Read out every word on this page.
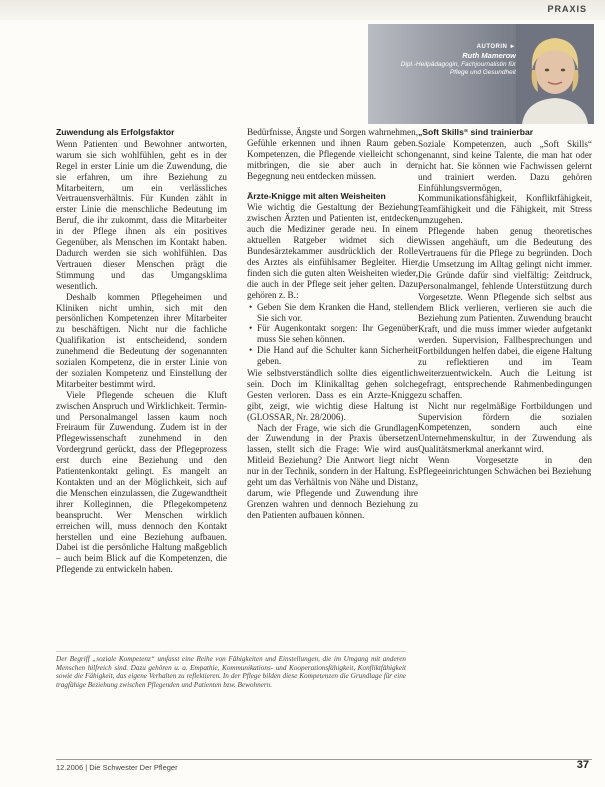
PRAXIS
AUTORIN ►
Ruth Mamerow
Dipl.-Heilpädagogin, Fachjournalistin für Pflege und Gesundheit
Zuwendung als Erfolgsfaktor

Wenn Patienten und Bewohner antworten, warum sie sich wohlfühlen, geht es in der Regel in erster Linie um die Zuwendung, die sie erfahren, um ihre Beziehung zu Mitarbeitern, um ein verlässliches Vertrauensverhältnis. Für Kunden zählt in erster Linie die menschliche Bedeutung im Beruf, die ihr zukommt, dass die Mitarbeiter in der Pflege ihnen als ein positives Gegenüber, als Menschen im Kontakt haben. Dadurch werden sie sich wohlfühlen. Das Vertrauen dieser Menschen prägt die Stimmung und das Umgangsklima wesentlich.

Deshalb kommen Pflegeheimen und Kliniken nicht umhin, sich mit den persönlichen Kompetenzen ihrer Mitarbeiter zu beschäftigen. Nicht nur die fachliche Qualifikation ist entscheidend, sondern zunehmend die Bedeutung der sogenannten sozialen Kompetenz, die in erster Linie von der sozialen Kompetenz und Einstellung der Mitarbeiter bestimmt wird.

Viele Pflegende scheuen die Kluft zwischen Anspruch und Wirklichkeit. Termin- und Personalmangel lassen kaum noch Freiraum für Zuwendung. Zudem ist in der Pflegewissenschaft zunehmend in den Vordergrund gerückt, dass der Pflegeprozess erst durch eine Beziehung und den Patientenkontakt gelingt. Es mangelt an Kontakten und an der Möglichkeit, sich auf die Menschen einzulassen, die Zugewandtheit ihrer Kolleginnen, die Pflegekompetenz beansprucht. Wer Menschen wirklich erreichen will, muss dennoch den Kontakt herstellen und eine Beziehung aufbauen. Dabei ist die persönliche Haltung maßgeblich – auch beim Blick auf die Kompetenzen, die Pflegende zu entwickeln haben.

Bedürfnisse, Ängste und Sorgen wahrnehmen, Gefühle erkennen und ihnen Raum geben. Kompetenzen, die Pflegende vielleicht schon mitbringen, die sie aber auch in der Begegnung neu entdecken müssen.

Ärzte-Knigge mit alten Weisheiten

Wie wichtig die Gestaltung der Beziehung zwischen Ärzten und Patienten ist, entdecken auch die Mediziner gerade neu. In einem aktuellen Ratgeber widmet sich die Bundesärztekammer ausdrücklich der Rolle des Arztes als einfühlsamer Begleiter. Hier finden sich die guten alten Weisheiten wieder, die auch in der Pflege seit jeher gelten. Dazu gehören z. B.:

• Geben Sie dem Kranken die Hand, stellen Sie sich vor.
• Für Augenkontakt sorgen: Ihr Gegenüber muss Sie sehen können.
• Die Hand auf die Schulter kann Sicherheit geben.

Wie selbstverständlich sollte dies eigentlich sein. Doch im Klinikalltag gehen solche Gesten verloren. Dass es ein Arzte-Knigge gibt, zeigt, wie wichtig diese Haltung ist (GLOSSAR, Nr. 28/2006).

Nach der Frage, wie sich die Grundlagen der Zuwendung in der Praxis übersetzen lassen, stellt sich die Frage: Wie wird aus Mitleid Beziehung? Die Antwort liegt nicht nur in der Technik, sondern in der Haltung. Es geht um das Verhältnis von Nähe und Distanz, darum, wie Pflegende und Zuwendung ihre Grenzen wahren und dennoch Beziehung zu den Patienten aufbauen können.

„Soft Skills“ sind trainierbar

Soziale Kompetenzen, auch „Soft Skills“ genannt, sind keine Talente, die man hat oder nicht hat. Sie können wie Fachwissen gelernt und trainiert werden. Dazu gehören Einfühlungsvermögen, Kommunikationsfähigkeit, Konfliktfähigkeit, Teamfähigkeit und die Fähigkeit, mit Stress umzugehen.

Pflegende haben genug theoretisches Wissen angehäuft, um die Bedeutung des Vertrauens für die Pflege zu begründen. Doch die Umsetzung im Alltag gelingt nicht immer. Die Gründe dafür sind vielfältig: Zeitdruck, Personalmangel, fehlende Unterstützung durch Vorgesetzte. Wenn Pflegende sich selbst aus dem Blick verlieren, verlieren sie auch die Beziehung zum Patienten. Zuwendung braucht Kraft, und die muss immer wieder aufgetankt werden. Supervision, Fallbesprechungen und Fortbildungen helfen dabei, die eigene Haltung zu reflektieren und im Team weiterzuentwickeln. Auch die Leitung ist gefragt, entsprechende Rahmenbedingungen zu schaffen.

Nicht nur regelmäßige Fortbildungen und Supervision fördern die sozialen Kompetenzen, sondern auch eine Unternehmenskultur, in der Zuwendung als Qualitätsmerkmal anerkannt wird.

Wenn Vorgesetzte in den Pflegeeinrichtungen Schwächen bei Beziehung

Der Begriff „soziale Kompetenz“ umfasst eine Reihe von Fähigkeiten und Einstellungen, die im Umgang mit anderen Menschen hilfreich sind. Dazu gehören u. a. Empathie, Kommunikations- und Kooperationsfähigkeit, Konfliktfähigkeit sowie die Fähigkeit, das eigene Verhalten zu reflektieren. In der Pflege bilden diese Kompetenzen die Grundlage für eine tragfähige Beziehung zwischen Pflegenden und Patienten bzw. Bewohnern.
12.2006 | Die Schwester Der Pfleger	37
